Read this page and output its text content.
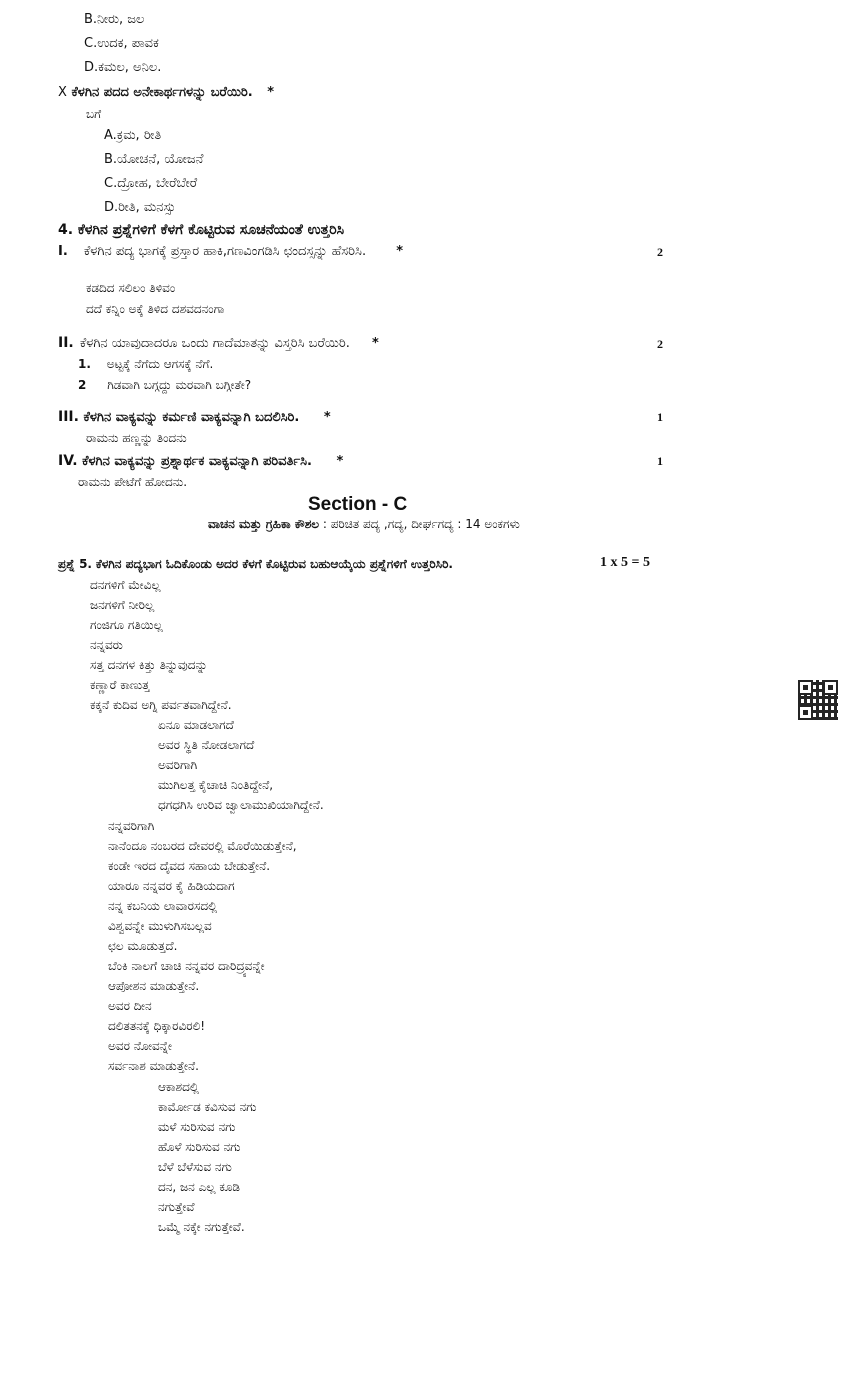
B.ನೀರು, ಜಲ
C.ಉದಕ, ಪಾವಕ
D.ಕಮಲ, ಅನಿಲ.
X ಕೆಳಗಿನ ಪದದ ಅನೇಕಾರ್ಥಗಳನ್ನು ಬರೆಯಿರಿ. *
ಬಗೆ
A.ಕ್ರಮ, ರೀತಿ
B.ಯೋಚನೆ, ಯೋಜನೆ
C.ದ್ರೋಹ, ಬೇರೆಬೇರೆ
D.ರೀತಿ, ಮನಸ್ಸು
4. ಕೆಳಗಿನ ಪ್ರಶ್ನೆಗಳಿಗೆ ಕೆಳಗೆ ಕೊಟ್ಟಿರುವ ಸೂಚನೆಯಂತೆ ಉತ್ತರಿಸಿ
I. ಕೆಳಗಿನ ಪದ್ಯ ಭಾಗಕ್ಕೆ ಪ್ರಸ್ತಾರ ಹಾಕಿ,ಗಣವಿಂಗಡಿಸಿ ಛಂದಸ್ಸನ್ನು ಹೆಸರಿಸಿ. *	2
ಕಡದಿದ ಸಲಿಲಂ ತಿಳಿವಂ
ದದೆ ಕನ್ನಿಂ ಅಕ್ಕೆ ತಿಳಿದ ದಶವದನಂಗಾ
II. ಕೆಳಗಿನ ಯಾವುದಾದರೂ ಒಂದು ಗಾದೆಮಾತನ್ನು ವಿಸ್ತರಿಸಿ ಬರೆಯಿರಿ. *	2
1. ಅಟ್ಟಕ್ಕೆ ನೆಗೆದು ಆಗಸಕ್ಕೆ ನೆಗೆ.
2 ಗಿಡವಾಗಿ ಬಗ್ಗದ್ದು ಮರವಾಗಿ ಬಗ್ಗೀತೇ?
III. ಕೆಳಗಿನ ವಾಕ್ಯವನ್ನು ಕರ್ಮಣಿ ವಾಕ್ಯವನ್ನಾಗಿ ಬದಲಿಸಿರಿ. *	1
ರಾಮನು ಹಣ್ಣನ್ನು ತಿಂದನು
IV. ಕೆಳಗಿನ ವಾಕ್ಯವನ್ನು ಪ್ರಶ್ನಾರ್ಥಕ ವಾಕ್ಯವನ್ನಾಗಿ ಪರಿವರ್ತಿಸಿ. *	1
ರಾಮನು ಪೇಟೆಗೆ ಹೋದನು.
Section - C
ವಾಚನ ಮತ್ತು ಗ್ರಹಿಕಾ ಕೌಶಲ : ಪರಿಚಿತ ಪದ್ಯ ,ಗದ್ಯ, ದೀರ್ಘಗದ್ಯ : 14 ಅಂಕಗಳು
ಪ್ರಶ್ನೆ 5. ಕೆಳಗಿನ ಪದ್ಯಭಾಗ ಓದಿಕೊಂಡು ಅದರ ಕೆಳಗೆ ಕೊಟ್ಟಿರುವ ಬಹುಆಯ್ಕೆಯ ಪ್ರಶ್ನೆಗಳಿಗೆ ಉತ್ತರಿಸಿರಿ.	1 x 5 = 5
ದನಗಳಿಗೆ ಮೇವಿಲ್ಲ
ಜನಗಳಿಗೆ ನೀರಿಲ್ಲ
ಗಂಜಿಗೂ ಗತಿಯಿಲ್ಲ
ನನ್ನವರು
ಸತ್ತ ದನಗಳ ಕಿತ್ತು ತಿನ್ನುವುದನ್ನು
ಕಣ್ಣಾರೆ ಕಾಣುತ್ತ
ಕಕ್ಕನೆ ಕುದಿವ ಅಗ್ನಿ ಪರ್ವತವಾಗಿದ್ದೇನೆ.
ಏನೂ ಮಾಡಲಾಗದೆ
ಅವರ ಸ್ಥಿತಿ ನೋಡಲಾಗದೆ
ಅವರಿಗಾಗಿ
ಮುಗಿಲತ್ತ ಕೈಚಾಚಿ ನಿಂತಿದ್ದೇನೆ,
ಧಗಧಗಿಸಿ ಉರಿವ ಜ್ವಾಲಾಮುಖಿಯಾಗಿದ್ದೇನೆ.
ನನ್ನವರಿಗಾಗಿ
ನಾನೆಂದೂ ನಂಬರದ ದೇವರಲ್ಲಿ ಮೊರೆಯಿಡುತ್ತೇನೆ,
ಕಂಡೇ ಇರದ ದೈವದ ಸಹಾಯ ಬೇಡುತ್ತೇನೆ.
ಯಾರೂ ನನ್ನವರ ಕೈ ಹಿಡಿಯದಾಗ
ನನ್ನ ಕಬನಿಯ ಲಾವಾರಸದಲ್ಲಿ
ವಿಶ್ವವನ್ನೇ ಮುಳುಗಿಸಬಲ್ಲವ
ಛಲ ಮೂಡುತ್ತದೆ.
ಬೆಂಕಿ ನಾಲಗೆ ಚಾಚಿ ನನ್ನವರ ದಾರಿದ್ರ್ಯವನ್ನೇ
ಆಪೋಶನ ಮಾಡುತ್ತೇನೆ.
ಅವರ ದೀನ
ದಲಿತತನಕ್ಕೆ ಧಿಕ್ಕಾರವಿರಲಿ!
ಅವರ ನೋವನ್ನೇ
ಸರ್ವನಾಶ ಮಾಡುತ್ತೇನೆ.
ಆಕಾಶದಲ್ಲಿ
ಕಾರ್ಮೋಡ ಕವಿಸುವ ನಗು
ಮಳೆ ಸುರಿಸುವ ನಗು
ಹೊಳೆ ಸುರಿಸುವ ನಗು
ಬೆಳೆ ಬೆಳೆಸುವ ನಗು
ದನ, ಜನ ಎಲ್ಲ ಕೂಡಿ
ನಗುತ್ತೇವೆ
ಒಮ್ಮೆ ನಕ್ಕೇ ನಗುತ್ತೇವೆ.
